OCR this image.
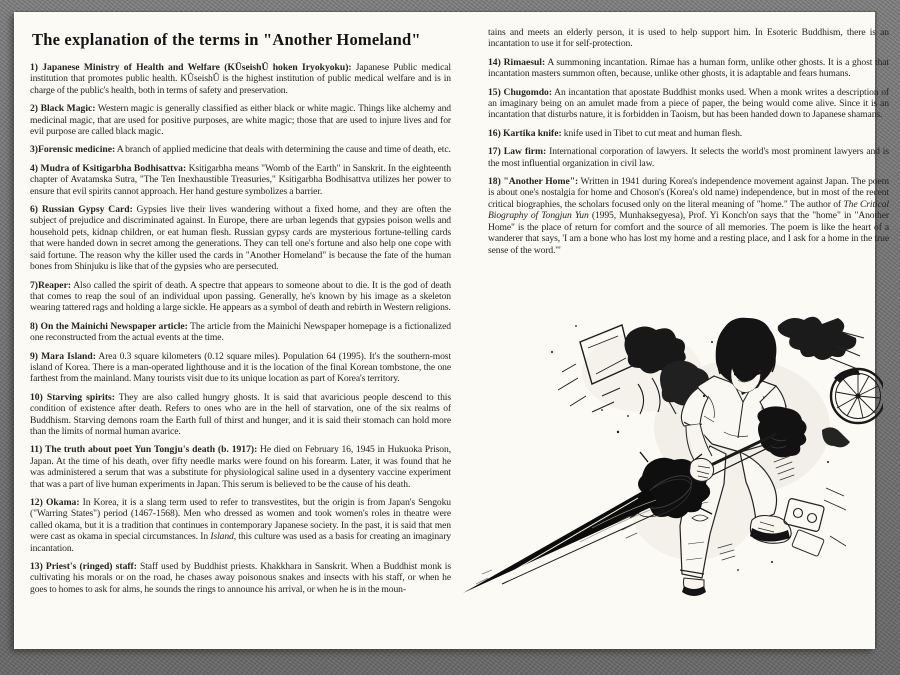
The explanation of the terms in "Another Homeland"

1) Japanese Ministry of Health and Welfare (KÛseishÛ hoken Iryokyoku): Japanese Public medical institution that promotes public health. KÛseishÛ is the highest institution of public medical welfare and is in charge of the public's health, both in terms of safety and preservation.

2) Black Magic: Western magic is generally classified as either black or white magic. Things like alchemy and medicinal magic, that are used for positive purposes, are white magic; those that are used to injure lives and for evil purpose are called black magic.

3)Forensic medicine: A branch of applied medicine that deals with determining the cause and time of death, etc.

4) Mudra of Ksitigarbha Bodhisattva: Ksitigarbha means "Womb of the Earth" in Sanskrit. In the eighteenth chapter of Avatamska Sutra, "The Ten Inexhaustible Treasuries," Ksitigarbha Bodhisattva utilizes her power to ensure that evil spirits cannot approach. Her hand gesture symbolizes a barrier.

6) Russian Gypsy Card: Gypsies live their lives wandering without a fixed home, and they are often the subject of prejudice and discriminated against. In Europe, there are urban legends that gypsies poison wells and household pets, kidnap children, or eat human flesh. Russian gypsy cards are mysterious fortune-telling cards that were handed down in secret among the generations. They can tell one's fortune and also help one cope with said fortune. The reason why the killer used the cards in "Another Homeland" is because the fate of the human bones from Shinjuku is like that of the gypsies who are persecuted.

7)Reaper: Also called the spirit of death. A spectre that appears to someone about to die. It is the god of death that comes to reap the soul of an individual upon passing. Generally, he's known by his image as a skeleton wearing tattered rags and holding a large sickle. He appears as a symbol of death and rebirth in Western religions.

8) On the Mainichi Newspaper article: The article from the Mainichi Newspaper homepage is a fictionalized one reconstructed from the actual events at the time.

9) Mara Island: Area 0.3 square kilometers (0.12 square miles). Population 64 (1995). It's the southern-most island of Korea. There is a man-operated lighthouse and it is the location of the final Korean tombstone, the one farthest from the mainland. Many tourists visit due to its unique location as part of Korea's territory.

10) Starving spirits: They are also called hungry ghosts. It is said that avaricious people descend to this condition of existence after death. Refers to ones who are in the hell of starvation, one of the six realms of Buddhism. Starving demons roam the Earth full of thirst and hunger, and it is said their stomach can hold more than the limits of normal human avarice.

11) The truth about poet Yun Tongju's death (b. 1917): He died on February 16, 1945 in Hukuoka Prison, Japan. At the time of his death, over fifty needle marks were found on his forearm. Later, it was found that he was administered a serum that was a substitute for physiological saline used in a dysentery vaccine experiment that was a part of live human experiments in Japan. This serum is believed to be the cause of his death.

12) Okama: In Korea, it is a slang term used to refer to transvestites, but the origin is from Japan's Sengoku ("Warring States") period (1467-1568). Men who dressed as women and took women's roles in theatre were called okama, but it is a tradition that continues in contemporary Japanese society. In the past, it is said that men were cast as okama in special circumstances. In Island, this culture was used as a basis for creating an imaginary incantation.

13) Priest's (ringed) staff: Staff used by Buddhist priests. Khakkhara in Sanskrit. When a Buddhist monk is cultivating his morals or on the road, he chases away poisonous snakes and insects with his staff, or when he goes to homes to ask for alms, he sounds the rings to announce his arrival, or when he is in the moun-

tains and meets an elderly person, it is used to help support him. In Esoteric Buddhism, there is an incantation to use it for self-protection.

14) Rimaesul: A summoning incantation. Rimae has a human form, unlike other ghosts. It is a ghost that incantation masters summon often, because, unlike other ghosts, it is adaptable and fears humans.

15) Chugomdo: An incantation that apostate Buddhist monks used. When a monk writes a description of an imaginary being on an amulet made from a piece of paper, the being would come alive. Since it is an incantation that disturbs nature, it is forbidden in Taoism, but has been handed down to Japanese shamans.

16) Kartika knife: knife used in Tibet to cut meat and human flesh.

17) Law firm: International corporation of lawyers. It selects the world's most prominent lawyers and is the most influential organization in civil law.

18) "Another Home": Written in 1941 during Korea's independence movement against Japan. The poem is about one's nostalgia for home and Choson's (Korea's old name) independence, but in most of the recent critical biographies, the scholars focused only on the literal meaning of "home." The author of The Critical Biography of Tongjun Yun (1995, Munhaksegyesa), Prof. Yi Konch'on says that the "home" in "Another Home" is the place of return for comfort and the source of all memories. The poem is like the heart of a wanderer that says, 'I am a bone who has lost my home and a resting place, and I ask for a home in the true sense of the word.'"
